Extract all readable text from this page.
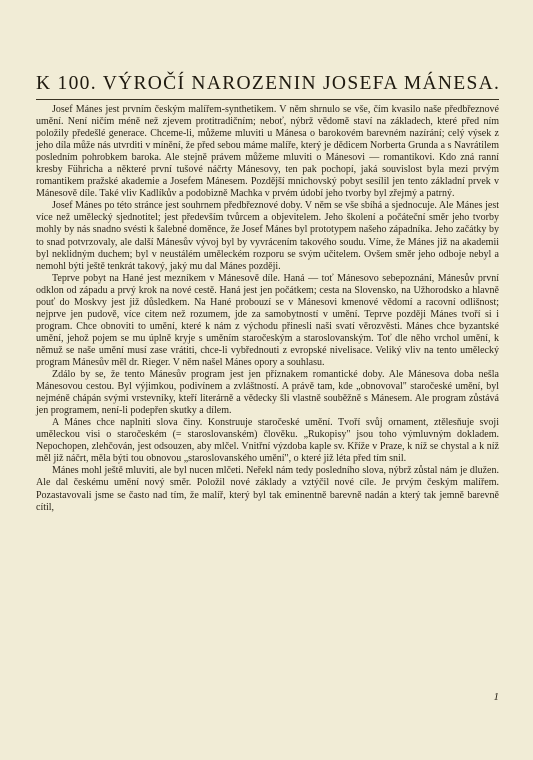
K 100. VÝROČÍ NAROZENIN JOSEFA MÁNESA.

Josef Mánes jest prvním českým malířem-synthetikem. V něm shrnulo se vše, čím kvasilo naše předbřeznové umění. Není ničím méně než zjevem protitradičním; neboť, nýbrž vědomě staví na základech, které před ním položily předešlé generace. Chceme-li, můžeme mluviti u Mánesa o barokovém barevném nazírání; celý výsek z jeho díla může nás utvrditi v mínění, že před sebou máme malíře, který je dědicem Norberta Grunda a s Navrátilem posledním pohrobkem baroka. Ale stejně právem můžeme mluviti o Mánesovi — romantikovi. Kdo zná ranní kresby Führicha a některé první tušové náčrty Mánesovy, ten pak pochopí, jaká souvislost byla mezi prvým romantikem pražské akademie a Josefem Mánesem. Pozdější mnichovský pobyt sesílil jen tento základní prvek v Mánesově díle. Také vliv Kadlíkův a podobizně Machka v prvém údobí jeho tvorby byl zřejmý a patrný.

Josef Mánes po této stránce jest souhrnem předbřeznové doby. V něm se vše sbíhá a sjednocuje. Ale Mánes jest více než umělecký sjednotitel; jest především tvůrcem a objevitelem. Jeho školení a počáteční směr jeho tvorby mohly by nás snadno svésti k šalebné doměnce, že Josef Mánes byl prototypem našeho západníka. Jeho začátky by to snad potvrzovaly, ale další Mánesův vývoj byl by vyvrácením takového soudu. Víme, že Mánes již na akademii byl neklidným duchem; byl v neustálém uměleckém rozporu se svým učitelem. Ovšem směr jeho odboje nebyl a nemohl býti ještě tenkrát takový, jaký mu dal Mánes později.

Teprve pobyt na Hané jest mezníkem v Mánesově díle. Haná — toť Mánesovo sebepoznání, Mánesův první odklon od západu a prvý krok na nové cestě. Haná jest jen počátkem; cesta na Slovensko, na Užhorodsko a hlavně pouť do Moskvy jest již důsledkem. Na Hané probouzí se v Mánesovi kmenové vědomí a racovní odlišnost; nejprve jen pudově, více citem než rozumem, jde za samobytností v umění. Teprve později Mánes tvoří si i program. Chce obnoviti to umění, které k nám z východu přinesli naši svatí věrozvěsti. Mánes chce byzantské umění, jehož pojem se mu úplně kryje s uměním staročeským a staroslovanským. Toť dle něho vrchol umění, k němuž se naše umění musí zase vrátiti, chce-li vybřednouti z evropské nivelisace. Veliký vliv na tento umělecký program Mánesův měl dr. Rieger. V něm našel Mánes opory a souhlasu.

Zdálo by se, že tento Mánesův program jest jen příznakem romantické doby. Ale Mánesova doba nešla Mánesovou cestou. Byl výjimkou, podivínem a zvláštností. A právě tam, kde „obnovoval" staročeské umění, byl nejméně chápán svými vrstevníky, kteří literárně a vědecky šli vlastně souběžně s Mánesem. Ale program zůstává jen programem, není-li podepřen skutky a dílem.

A Mánes chce naplniti slova činy. Konstruuje staročeské umění. Tvoří svůj ornament, ztělesňuje svoji uměleckou visi o staročeském (= staroslovanském) člověku. „Rukopisy" jsou toho výmluvným dokladem. Nepochopen, zlehčován, jest odsouzen, aby mlčel. Vnitřní výzdoba kaple sv. Kříže v Praze, k níž se chystal a k níž měl již náčrt, měla býti tou obnovou „staroslovanského umění", o které již léta před tím snil.

Mánes mohl ještě mluviti, ale byl nucen mlčeti. Neřekl nám tedy posledního slova, nýbrž zůstal nám je dlužen. Ale dal českému umění nový směr. Položil nové základy a vztýčil nové cíle. Je prvým českým malířem. Pozastavovali jsme se často nad tím, že malíř, který byl tak eminentně barevně nadán a který tak jemně barevně cítil,

1
